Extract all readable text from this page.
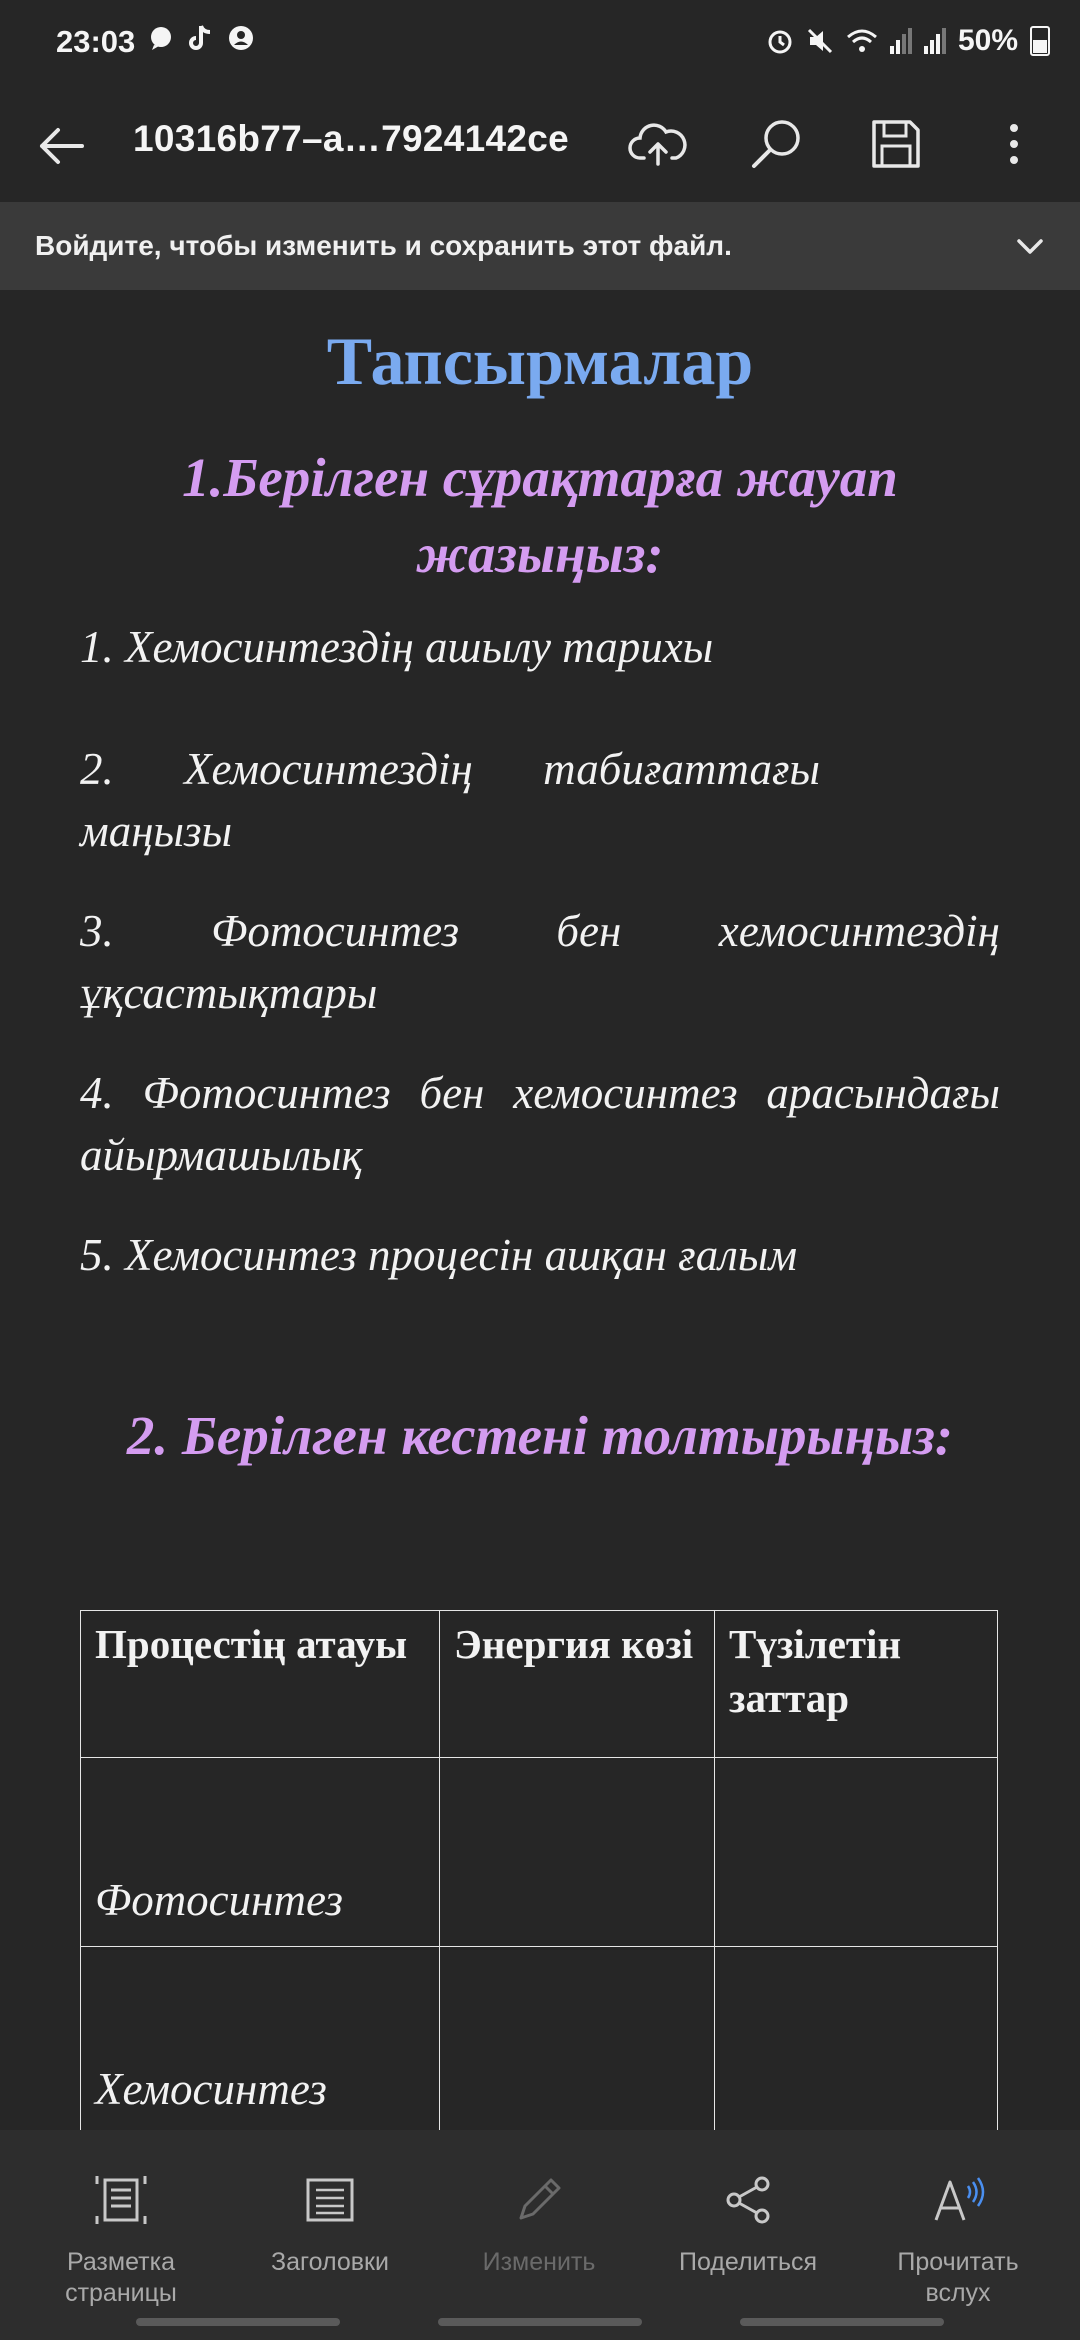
23:03	50%
10316b77–a…7924142ce
Войдите, чтобы изменить и сохранить этот файл.
Тапсырмалар
1.Берілген сұрақтарға жауап жазыңыз:
1. Хемосинтездің ашылу тарихы
2. Хемосинтездің табиғаттағы маңызы
3. Фотосинтез бен хемосинтездің ұқсастықтары
4. Фотосинтез бен хемосинтез арасындағы айырмашылық
5. Хемосинтез процесін ашқан ғалым
2. Берілген кестені толтырыңыз:
Процестің атауы	Энергия көзі	Түзілетін заттар
Фотосинтез		
Хемосинтез		
Разметка страницы
Заголовки	Изменить	Поделиться	Прочитать вслух
